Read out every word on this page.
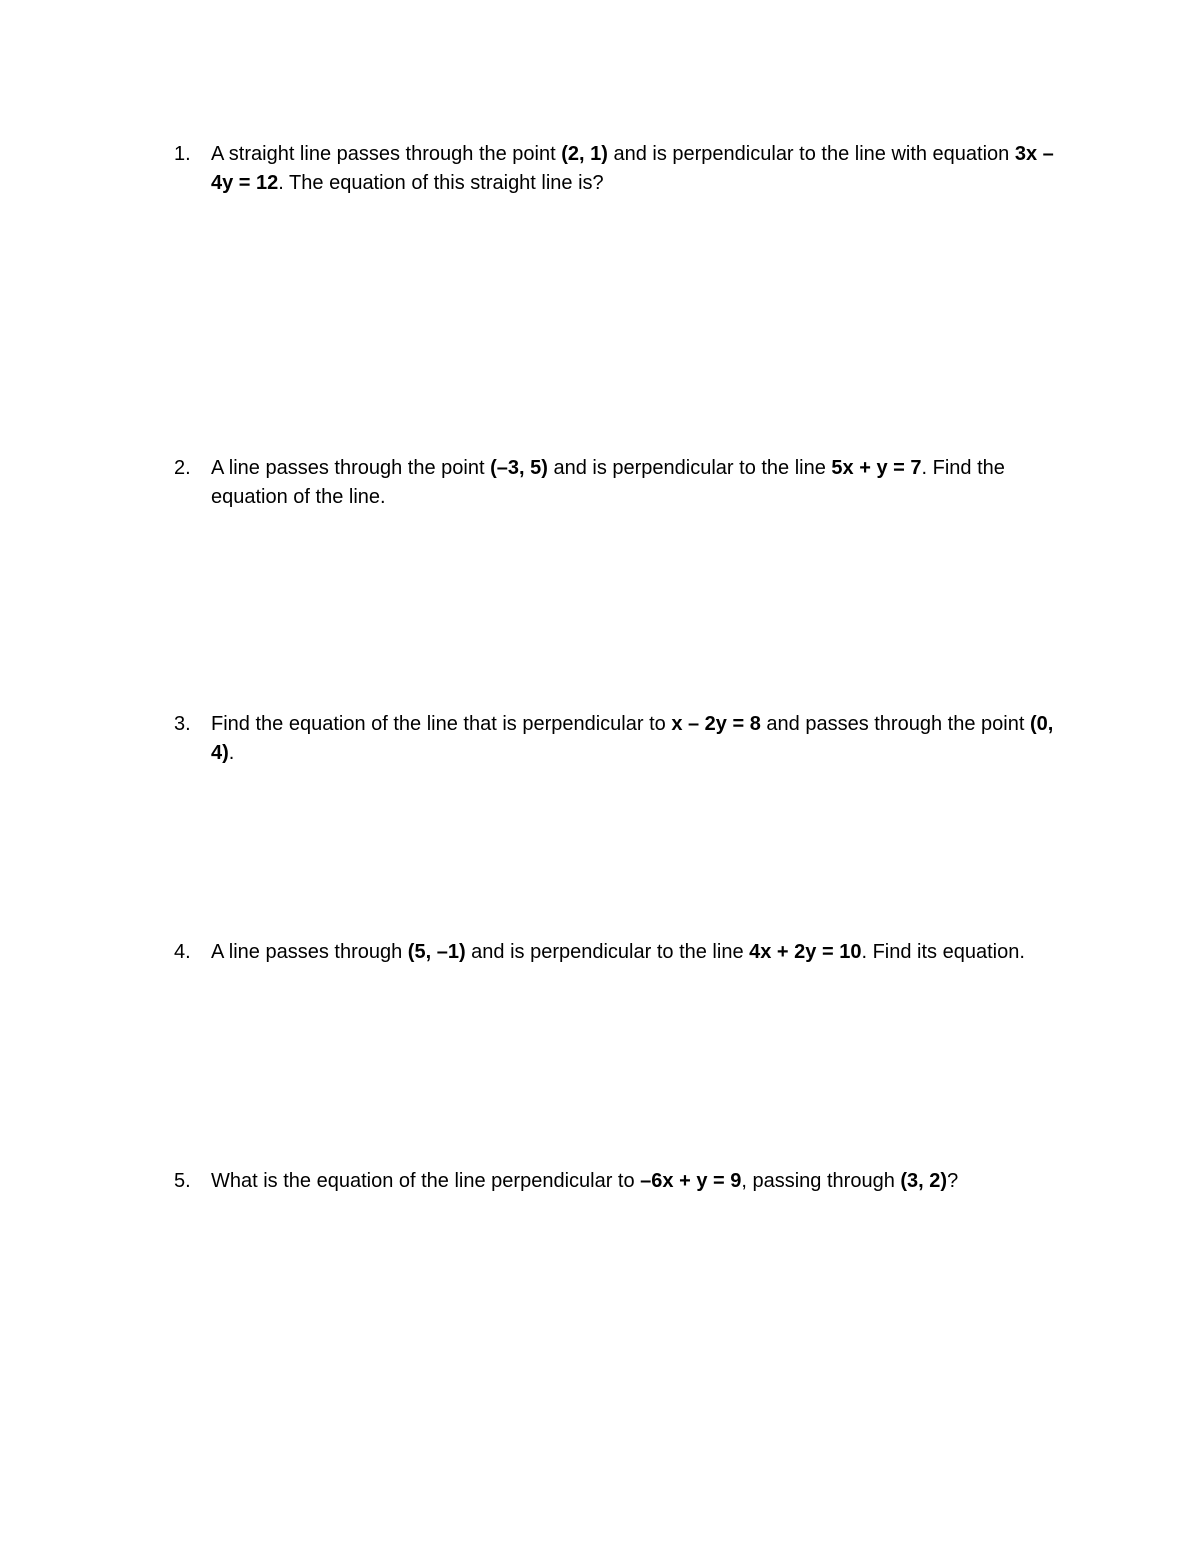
1.	A straight line passes through the point (2, 1) and is perpendicular to the line with equation 3x – 4y = 12. The equation of this straight line is?
2.	A line passes through the point (–3, 5) and is perpendicular to the line 5x + y = 7. Find the equation of the line.
3.	Find the equation of the line that is perpendicular to x – 2y = 8 and passes through the point (0, 4).
4.	A line passes through (5, –1) and is perpendicular to the line 4x + 2y = 10. Find its equation.
5.	What is the equation of the line perpendicular to –6x + y = 9, passing through (3, 2)?
